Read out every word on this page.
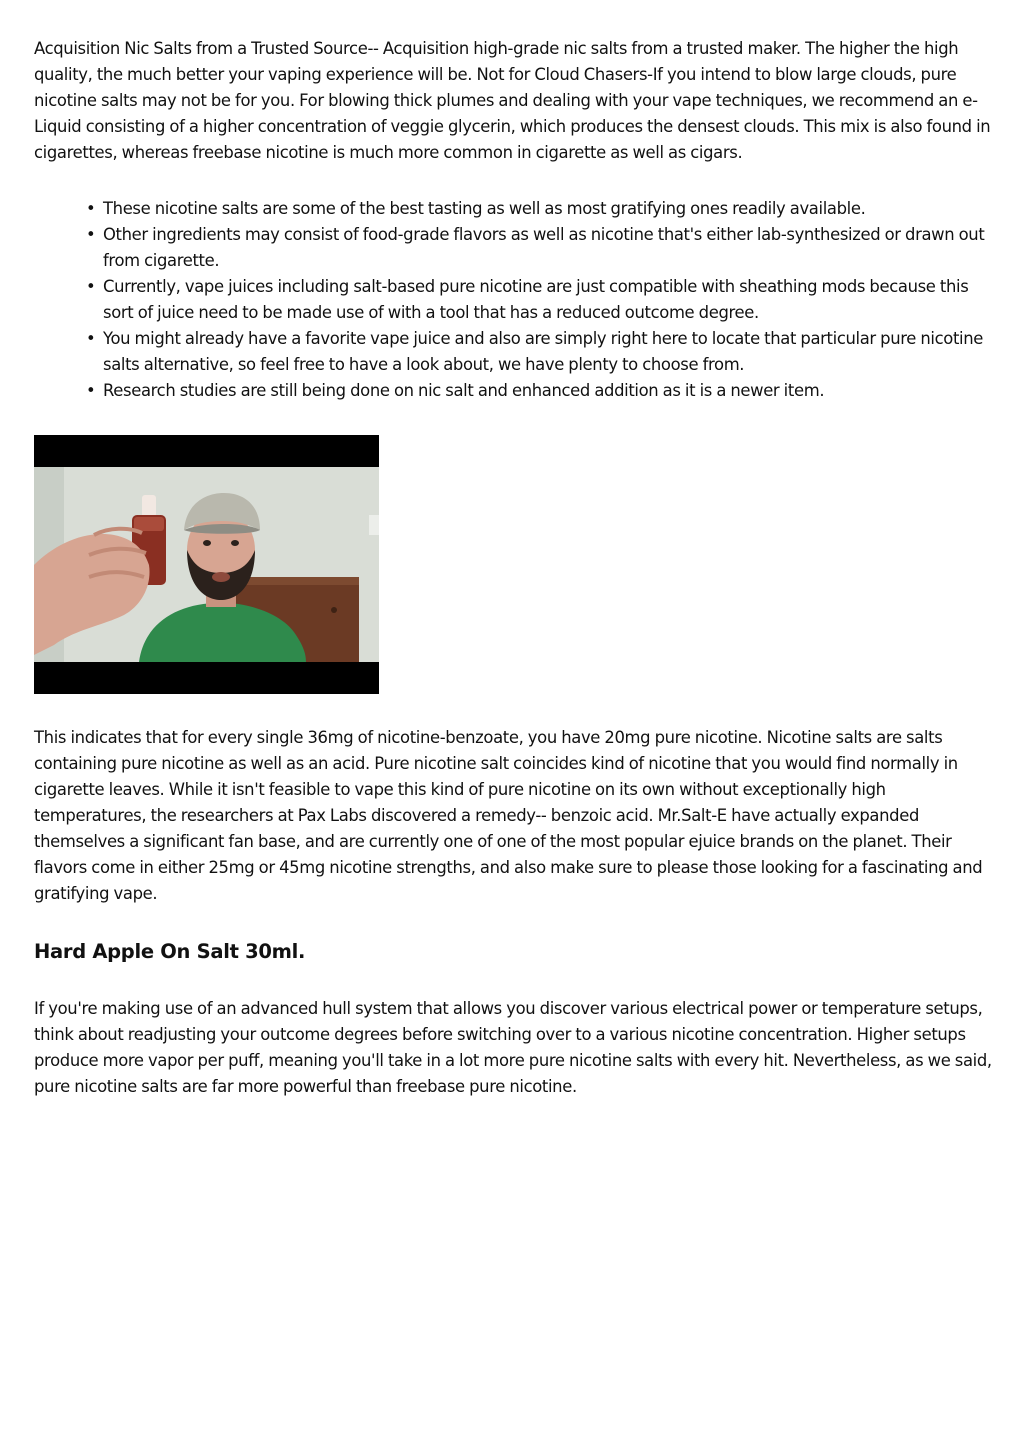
Acquisition Nic Salts from a Trusted Source-- Acquisition high-grade nic salts from a trusted maker. The higher the high quality, the much better your vaping experience will be. Not for Cloud Chasers-If you intend to blow large clouds, pure nicotine salts may not be for you. For blowing thick plumes and dealing with your vape techniques, we recommend an e-Liquid consisting of a higher concentration of veggie glycerin, which produces the densest clouds. This mix is also found in cigarettes, whereas freebase nicotine is much more common in cigarette as well as cigars.

• These nicotine salts are some of the best tasting as well as most gratifying ones readily available.
• Other ingredients may consist of food-grade flavors as well as nicotine that's either lab-synthesized or drawn out from cigarette.
• Currently, vape juices including salt-based pure nicotine are just compatible with sheathing mods because this sort of juice need to be made use of with a tool that has a reduced outcome degree.
• You might already have a favorite vape juice and also are simply right here to locate that particular pure nicotine salts alternative, so feel free to have a look about, we have plenty to choose from.
• Research studies are still being done on nic salt and enhanced addition as it is a newer item.

This indicates that for every single 36mg of nicotine-benzoate, you have 20mg pure nicotine. Nicotine salts are salts containing pure nicotine as well as an acid. Pure nicotine salt coincides kind of nicotine that you would find normally in cigarette leaves. While it isn't feasible to vape this kind of pure nicotine on its own without exceptionally high temperatures, the researchers at Pax Labs discovered a remedy-- benzoic acid. Mr.Salt-E have actually expanded themselves a significant fan base, and are currently one of one of the most popular ejuice brands on the planet. Their flavors come in either 25mg or 45mg nicotine strengths, and also make sure to please those looking for a fascinating and gratifying vape.

Hard Apple On Salt 30ml.

If you're making use of an advanced hull system that allows you discover various electrical power or temperature setups, think about readjusting your outcome degrees before switching over to a various nicotine concentration. Higher setups produce more vapor per puff, meaning you'll take in a lot more pure nicotine salts with every hit. Nevertheless, as we said, pure nicotine salts are far more powerful than freebase pure nicotine.
